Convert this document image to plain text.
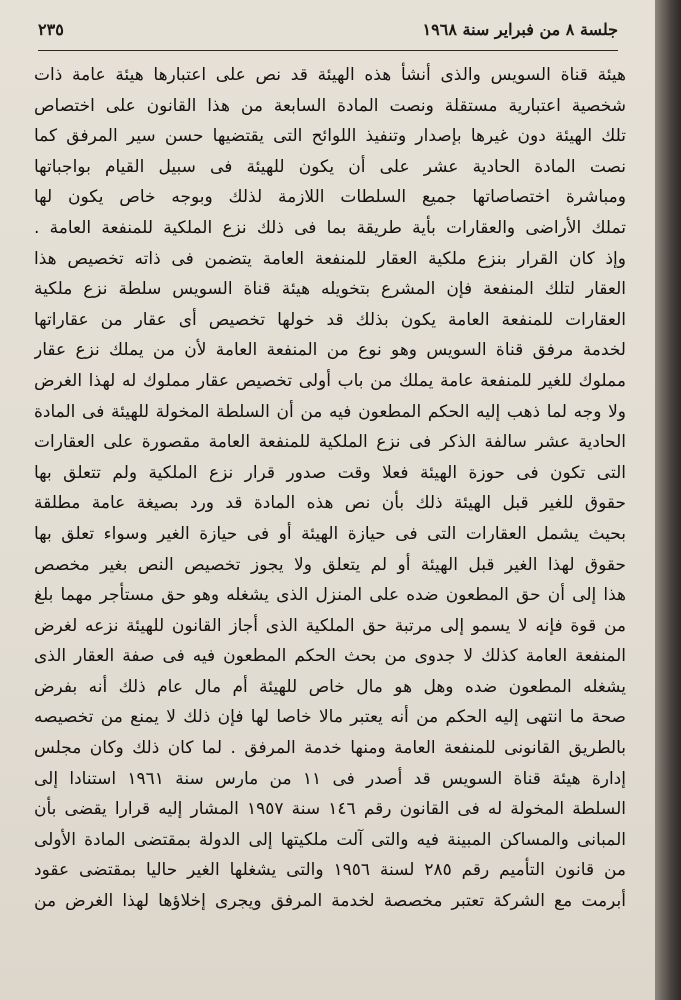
جلسة ٨ من فبراير سنة ١٩٦٨
٢٣٥
هيئة قناة السويس والذى أنشأ هذه الهيئة قد نص على اعتبارها هيئة عامة ذات
شخصية اعتبارية مستقلة ونصت المادة السابعة من هذا القانون على اختصاص
تلك الهيئة دون غيرها بإصدار وتنفيذ اللوائح التى يقتضيها حسن سير المرفق كما
نصت المادة الحادية عشر على أن يكون للهيئة فى سبيل القيام بواجباتها
ومباشرة اختصاصاتها جميع السلطات اللازمة لذلك وبوجه خاص يكون لها
تملك الأراضى والعقارات بأية طريقة بما فى ذلك نزع الملكية للمنفعة العامة .
وإذ كان القرار بنزع ملكية العقار للمنفعة العامة يتضمن فى ذاته تخصيص هذا
العقار لتلك المنفعة فإن المشرع بتخويله هيئة قناة السويس سلطة نزع ملكية
العقارات للمنفعة العامة يكون بذلك قد خولها تخصيص أى عقار من عقاراتها
لخدمة مرفق قناة السويس وهو نوع من المنفعة العامة لأن من يملك نزع عقار
مملوك للغير للمنفعة عامة يملك من باب أولى تخصيص عقار مملوك له لهذا الغرض
ولا وجه لما ذهب إليه الحكم المطعون فيه من أن السلطة المخولة للهيئة فى المادة
الحادية عشر سالفة الذكر فى نزع الملكية للمنفعة العامة مقصورة على العقارات
التى تكون فى حوزة الهيئة فعلا وقت صدور قرار نزع الملكية ولم تتعلق بها
حقوق للغير قبل الهيئة ذلك بأن نص هذه المادة قد ورد بصيغة عامة مطلقة
بحيث يشمل العقارات التى فى حيازة الهيئة أو فى حيازة الغير وسواء تعلق بها
حقوق لهذا الغير قبل الهيئة أو لم يتعلق ولا يجوز تخصيص النص بغير مخصص
هذا إلى أن حق المطعون ضده على المنزل الذى يشغله وهو حق مستأجر مهما بلغ
من قوة فإنه لا يسمو إلى مرتبة حق الملكية الذى أجاز القانون للهيئة نزعه لغرض
المنفعة العامة كذلك لا جدوى من بحث الحكم المطعون فيه فى صفة العقار الذى
يشغله المطعون ضده وهل هو مال خاص للهيئة أم مال عام ذلك أنه بفرض
صحة ما انتهى إليه الحكم من أنه يعتبر مالا خاصا لها فإن ذلك لا يمنع من تخصيصه
بالطريق القانونى للمنفعة العامة ومنها خدمة المرفق . لما كان ذلك وكان مجلس
إدارة هيئة قناة السويس قد أصدر فى ١١ من مارس سنة ١٩٦١ استنادا إلى
السلطة المخولة له فى القانون رقم ١٤٦ سنة ١٩٥٧ المشار إليه قرارا يقضى بأن
المبانى والمساكن المبينة فيه والتى آلت ملكيتها إلى الدولة بمقتضى المادة الأولى
من قانون التأميم رقم ٢٨٥ لسنة ١٩٥٦ والتى يشغلها الغير حاليا بمقتضى عقود
أبرمت مع الشركة تعتبر مخصصة لخدمة المرفق ويجرى إخلاؤها لهذا الغرض من
